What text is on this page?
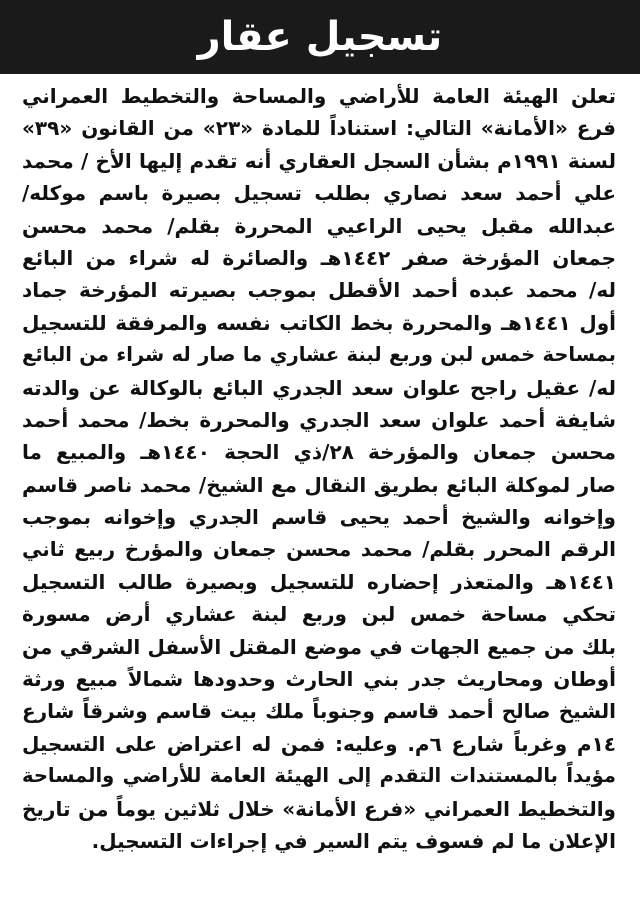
تسجيل عقار
تعلن الهيئة العامة للأراضي والمساحة والتخطيط العمراني
فرع «الأمانة» التالي: استناداً للمادة «٢٣» من القانون «٣٩»
لسنة ١٩٩١م بشأن السجل العقاري أنه تقدم إليها الأخ / محمد
علي أحمد سعد نصاري بطلب تسجيل بصيرة باسم موكله/
عبدالله مقبل يحيى الراعيي المحررة بقلم/ محمد محسن
جمعان المؤرخة صفر ١٤٤٢هـ والصائرة له شراء من البائع
له/ محمد عبده أحمد الأقطل بموجب بصيرته المؤرخة جماد
أول ١٤٤١هـ والمحررة بخط الكاتب نفسه والمرفقة للتسجيل
بمساحة خمس لبن وربع لبنة عشاري ما صار له شراء من البائع
له/ عقيل راجح علوان سعد الجدري البائع بالوكالة عن والدته
شايفة أحمد علوان سعد الجدري والمحررة بخط/ محمد أحمد
محسن جمعان والمؤرخة ٢٨/ذي الحجة ١٤٤٠هـ والمبيع ما
صار لموكلة البائع بطريق النقال مع الشيخ/ محمد ناصر قاسم
وإخوانه والشيخ أحمد يحيى قاسم الجدري وإخوانه بموجب
الرقم المحرر بقلم/ محمد محسن جمعان والمؤرخ ربيع ثاني
١٤٤١هـ والمتعذر إحضاره للتسجيل وبصيرة طالب التسجيل
تحكي مساحة خمس لبن وربع لبنة عشاري أرض مسورة
بلك من جميع الجهات في موضع المقتل الأسفل الشرقي من
أوطان ومحاريث جدر بني الحارث وحدودها شمالاً مبيع ورثة
الشيخ صالح أحمد قاسم وجنوباً ملك بيت قاسم وشرقاً شارع
١٤م وغرباً شارع ٦م. وعليه: فمن له اعتراض على التسجيل
مؤيداً بالمستندات التقدم إلى الهيئة العامة للأراضي والمساحة
والتخطيط العمراني «فرع الأمانة» خلال ثلاثين يوماً من تاريخ
الإعلان ما لم فسوف يتم السير في إجراءات التسجيل.
